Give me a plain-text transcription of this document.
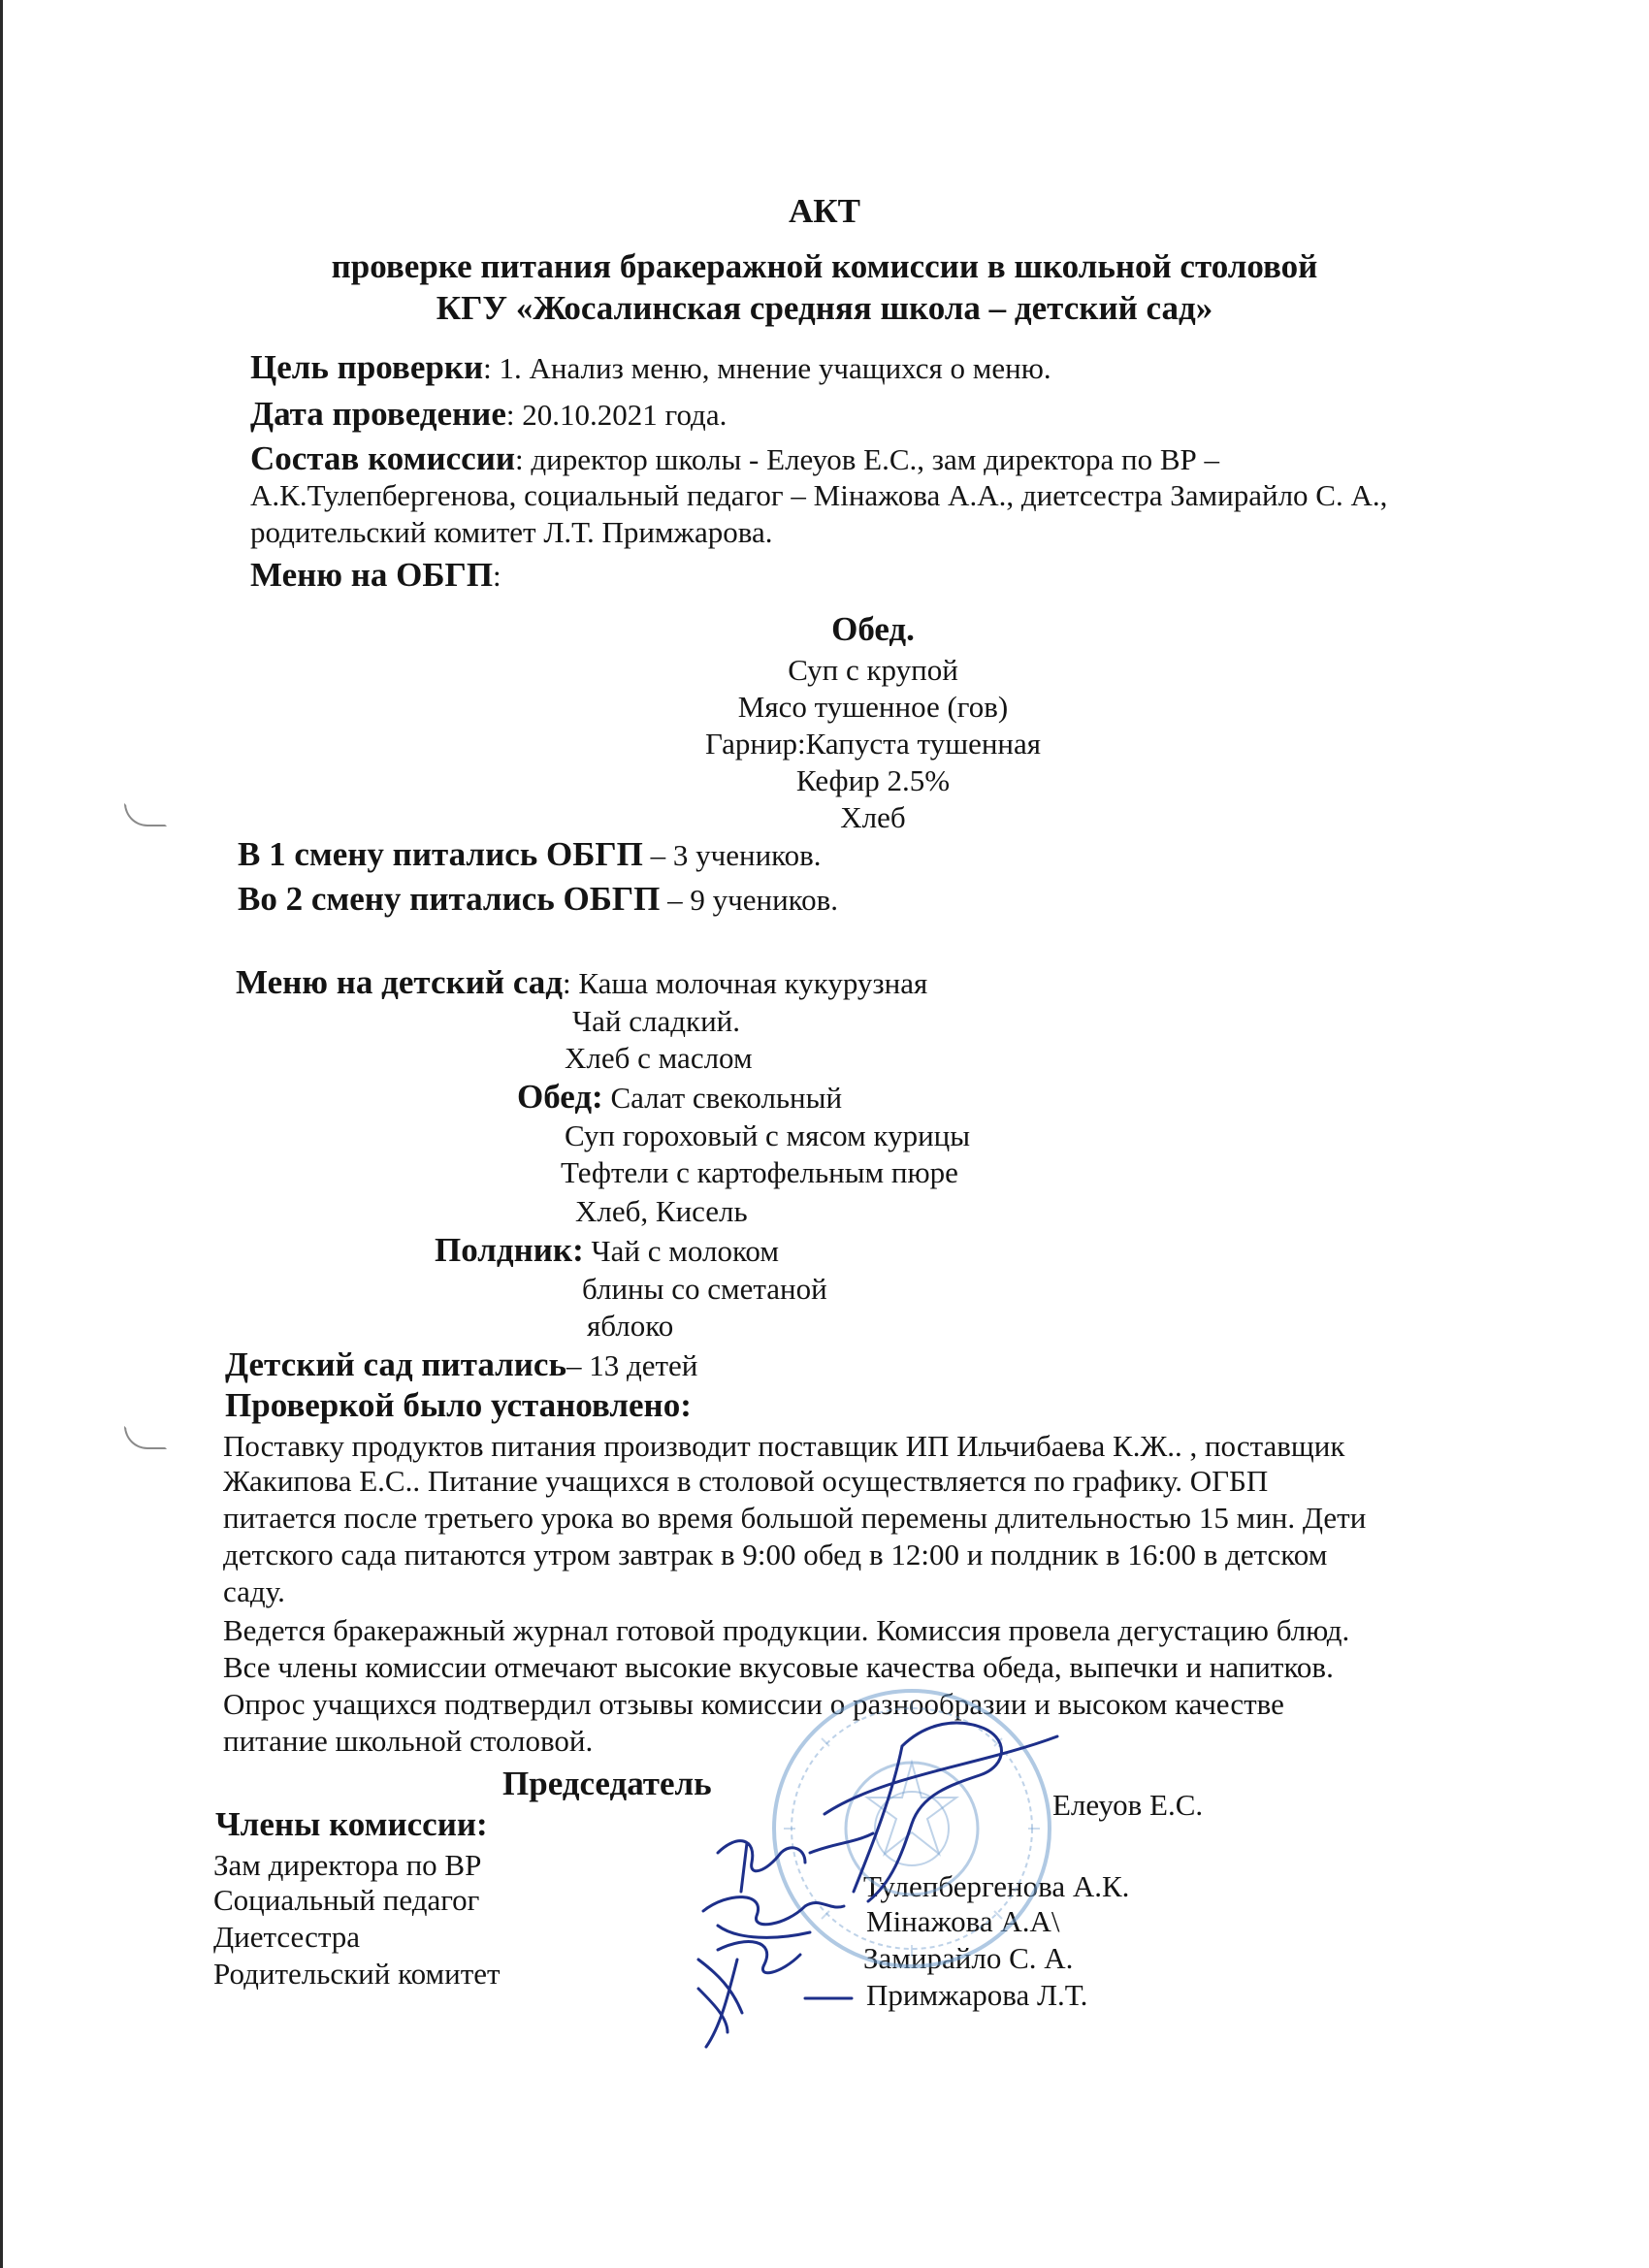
АКТ
проверке питания бракеражной комиссии в школьной столовой
КГУ «Жосалинская средняя школа – детский сад»
Цель проверки: 1. Анализ меню, мнение учащихся о меню.
Дата проведение: 20.10.2021 года.
Состав комиссии: директор школы - Елеуов Е.С., зам директора по ВР –
А.К.Тулепбергенова, социальный педагог – Мінажова А.А., диетсестра Замирайло С. А.,
родительский комитет Л.Т. Примжарова.
Меню на ОБГП:
Обед.
Суп с крупой
Мясо тушенное (гов)
Гарнир:Капуста тушенная
Кефир 2.5%
Хлеб
В 1 смену питались ОБГП – 3 учеников.
Во 2 смену питались ОБГП – 9 учеников.
Меню на детский сад: Каша молочная кукурузная
Чай сладкий.
Хлеб с маслом
Обед: Салат свекольный
Суп гороховый с мясом курицы
Тефтели с картофельным пюре
Хлеб, Кисель
Полдник: Чай с молоком
блины со сметаной
яблоко
Детский сад питались– 13 детей
Проверкой было установлено:
Поставку продуктов питания производит поставщик ИП Ильчибаева К.Ж.. , поставщик
Жакипова Е.С.. Питание учащихся в столовой осуществляется по графику. ОГБП
питается после третьего урока во время большой перемены длительностью 15 мин. Дети
детского сада питаются утром завтрак в 9:00 обед в 12:00 и полдник в 16:00 в детском
саду.
Ведется бракеражный журнал готовой продукции. Комиссия провела дегустацию блюд.
Все члены комиссии отмечают высокие вкусовые качества обеда, выпечки и напитков.
Опрос учащихся подтвердил отзывы комиссии о разнообразии и высоком качестве
питание школьной столовой.
Председатель
Елеуов Е.С.
Члены комиссии:
Зам директора по ВР
Социальный педагог
Диетсестра
Родительский комитет
Тулепбергенова А.К.
Мінажова А.А\
Замирайло С. А.
Примжарова Л.Т.
